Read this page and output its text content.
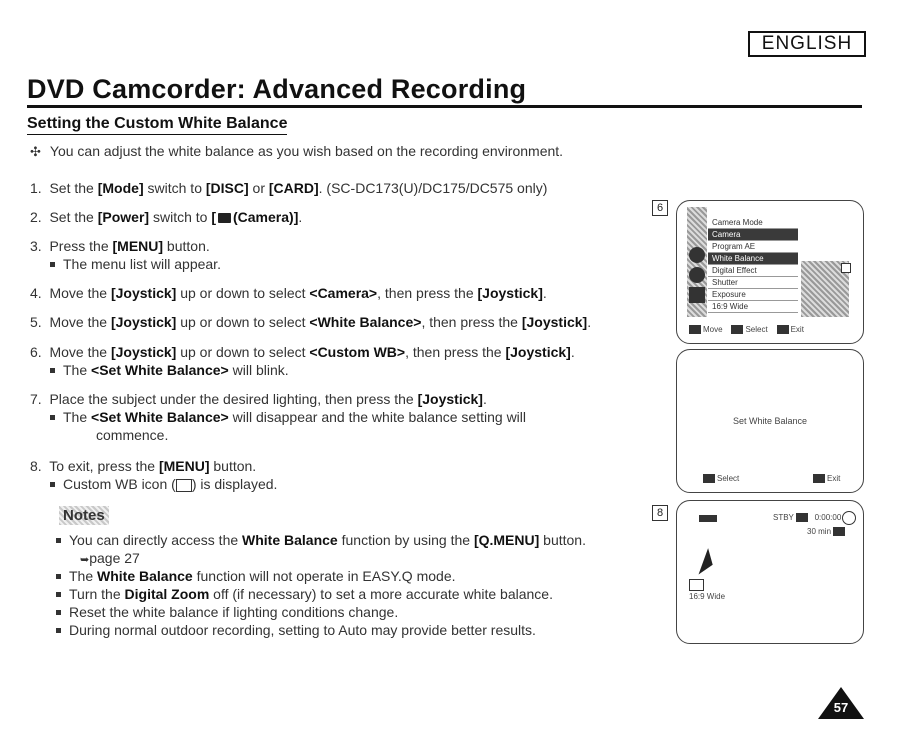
ENGLISH
DVD Camcorder: Advanced Recording
Setting the Custom White Balance
✣ You can adjust the white balance as you wish based on the recording environment.
1. Set the [Mode] switch to [DISC] or [CARD]. (SC-DC173(U)/DC175/DC575 only)
2. Set the [Power] switch to [ (Camera)].
3. Press the [MENU] button.
The menu list will appear.
4. Move the [Joystick] up or down to select <Camera>, then press the [Joystick].
5. Move the [Joystick] up or down to select <White Balance>, then press the [Joystick].
6. Move the [Joystick] up or down to select <Custom WB>, then press the [Joystick].
The <Set White Balance> will blink.
7. Place the subject under the desired lighting, then press the [Joystick].
The <Set White Balance> will disappear and the white balance setting will
commence.
8. To exit, press the [MENU] button.
Custom WB icon ( ) is displayed.
Notes
You can directly access the White Balance function by using the [Q.MENU] button.
➥page 27
The White Balance function will not operate in EASY.Q mode.
Turn the Digital Zoom off (if necessary) to set a more accurate white balance.
Reset the white balance if lighting conditions change.
During normal outdoor recording, setting to Auto may provide better results.
6
Camera Mode
Camera
Program AE
White Balance
Digital Effect
Shutter
Exposure
16:9 Wide
Move	Select	Exit
Set White Balance
Select	Exit
8	STBY	0:00:00
30 min
16:9 Wide
57
